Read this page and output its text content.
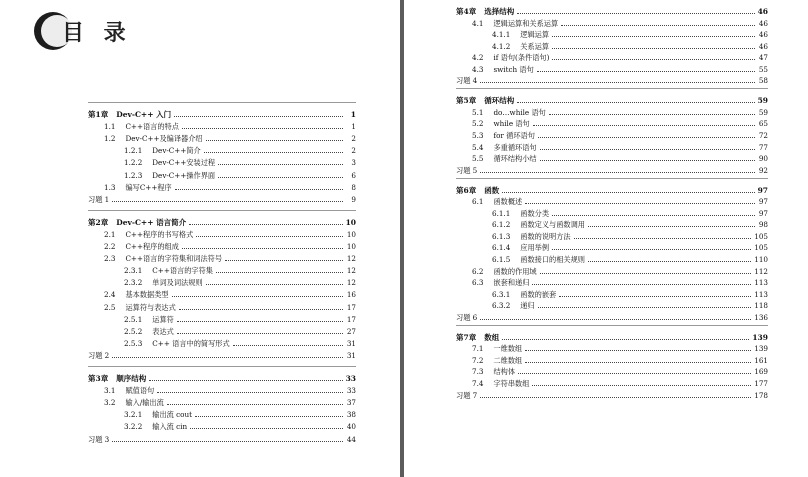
目 录
第1章 Dev-C++ 入门	1
1.1 C++语言的特点	1
1.2 Dev-C++及编译器介绍	2
1.2.1 Dev-C++简介	2
1.2.2 Dev-C++安装过程	3
1.2.3 Dev-C++操作界面	6
1.3 编写C++程序	8
习题 1	9
第2章 Dev-C++ 语言简介	10
2.1 C++程序的书写格式	10
2.2 C++程序的组成	10
2.3 C++语言的字符集和词法符号	12
2.3.1 C++语言的字符集	12
2.3.2 单词及词法规则	12
2.4 基本数据类型	16
2.5 运算符与表达式	17
2.5.1 运算符	17
2.5.2 表达式	27
2.5.3 C++ 语言中的简写形式	31
习题 2	31
第3章 顺序结构	33
3.1 赋值语句	33
3.2 输入/输出流	37
3.2.1 输出流 cout	38
3.2.2 输入流 cin	40
习题 3	44
第4章 选择结构	46
4.1 逻辑运算和关系运算	46
4.1.1 逻辑运算	46
4.1.2 关系运算	46
4.2 if 语句(条件语句)	47
4.3 switch 语句	55
习题 4	58
第5章 循环结构	59
5.1 do…while 语句	59
5.2 while 语句	65
5.3 for 循环语句	72
5.4 多重循环语句	77
5.5 循环结构小结	90
习题 5	92
第6章 函数	97
6.1 函数概述	97
6.1.1 函数分类	97
6.1.2 函数定义与函数调用	98
6.1.3 函数的说明方法	105
6.1.4 应用举例	105
6.1.5 函数接口的相关规则	110
6.2 函数的作用域	112
6.3 嵌套和递归	113
6.3.1 函数的嵌套	113
6.3.2 递归	118
习题 6	136
第7章 数组	139
7.1 一维数组	139
7.2 二维数组	161
7.3 结构体	169
7.4 字符串数组	177
习题 7	178
